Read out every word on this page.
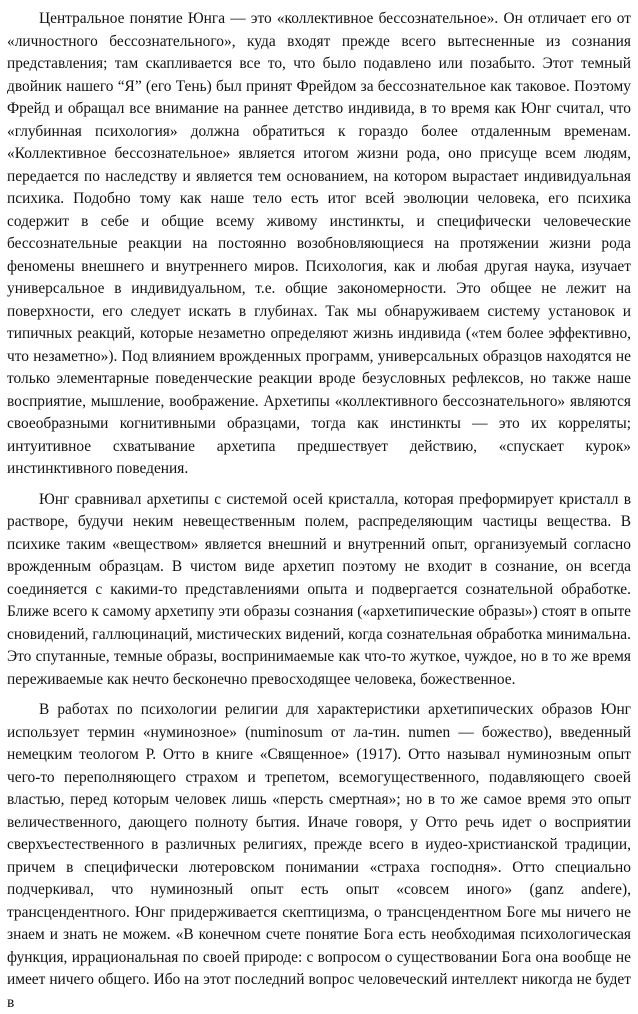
Центральное понятие Юнга — это «коллективное бессознательное». Он отличает его от «личностного бессознательного», куда входят прежде всего вытесненные из сознания представления; там скапливается все то, что было подавлено или позабыто. Этот темный двойник нашего “Я” (его Тень) был принят Фрейдом за бессознательное как таковое. Поэтому Фрейд и обращал все внимание на раннее детство индивида, в то время как Юнг считал, что «глубинная психология» должна обратиться к гораздо более отдаленным временам. «Коллективное бессознательное» является итогом жизни рода, оно присуще всем людям, передается по наследству и является тем основанием, на котором вырастает индивидуальная психика. Подобно тому как наше тело есть итог всей эволюции человека, его психика содержит в себе и общие всему живому инстинкты, и специфически человеческие бессознательные реакции на постоянно возобновляющиеся на протяжении жизни рода феномены внешнего и внутреннего миров. Психология, как и любая другая наука, изучает универсальное в индивидуальном, т.е. общие закономерности. Это общее не лежит на поверхности, его следует искать в глубинах. Так мы обнаруживаем систему установок и типичных реакций, которые незаметно определяют жизнь индивида («тем более эффективно, что незаметно»). Под влиянием врожденных программ, универсальных образцов находятся не только элементарные поведенческие реакции вроде безусловных рефлексов, но также наше восприятие, мышление, воображение. Архетипы «коллективного бессознательного» являются своеобразными когнитивными образцами, тогда как инстинкты — это их корреляты; интуитивное схватывание архетипа предшествует действию, «спускает курок» инстинктивного поведения.

Юнг сравнивал архетипы с системой осей кристалла, которая преформирует кристалл в растворе, будучи неким невещественным полем, распределяющим частицы вещества. В психике таким «веществом» является внешний и внутренний опыт, организуемый согласно врожденным образцам. В чистом виде архетип поэтому не входит в сознание, он всегда соединяется с какими-то представлениями опыта и подвергается сознательной обработке. Ближе всего к самому архетипу эти образы сознания («архетипические образы») стоят в опыте сновидений, галлюцинаций, мистических видений, когда сознательная обработка минимальна. Это спутанные, темные образы, воспринимаемые как что-то жуткое, чуждое, но в то же время переживаемые как нечто бесконечно превосходящее человека, божественное.

В работах по психологии религии для характеристики архетипических образов Юнг использует термин «нуминозное» (numinosum от ла-тин. numen — божество), введенный немецким теологом Р. Отто в книге «Священное» (1917). Отто называл нуминозным опыт чего-то переполняющего страхом и трепетом, всемогущественного, подавляющего своей властью, перед которым человек лишь «персть смертная»; но в то же самое время это опыт величественного, дающего полноту бытия. Иначе говоря, у Отто речь идет о восприятии сверхъестественного в различных религиях, прежде всего в иудео-христианской традиции, причем в специфически лютеровском понимании «страха господня». Отто специально подчеркивал, что нуминозный опыт есть опыт «совсем иного» (ganz andere), трансцендентного. Юнг придерживается скептицизма, о трансцендентном Боге мы ничего не знаем и знать не можем. «В конечном счете понятие Бога есть необходимая психологическая функция, иррациональная по своей природе: с вопросом о существовании Бога она вообще не имеет ничего общего. Ибо на этот последний вопрос человеческий интеллект никогда не будет в
